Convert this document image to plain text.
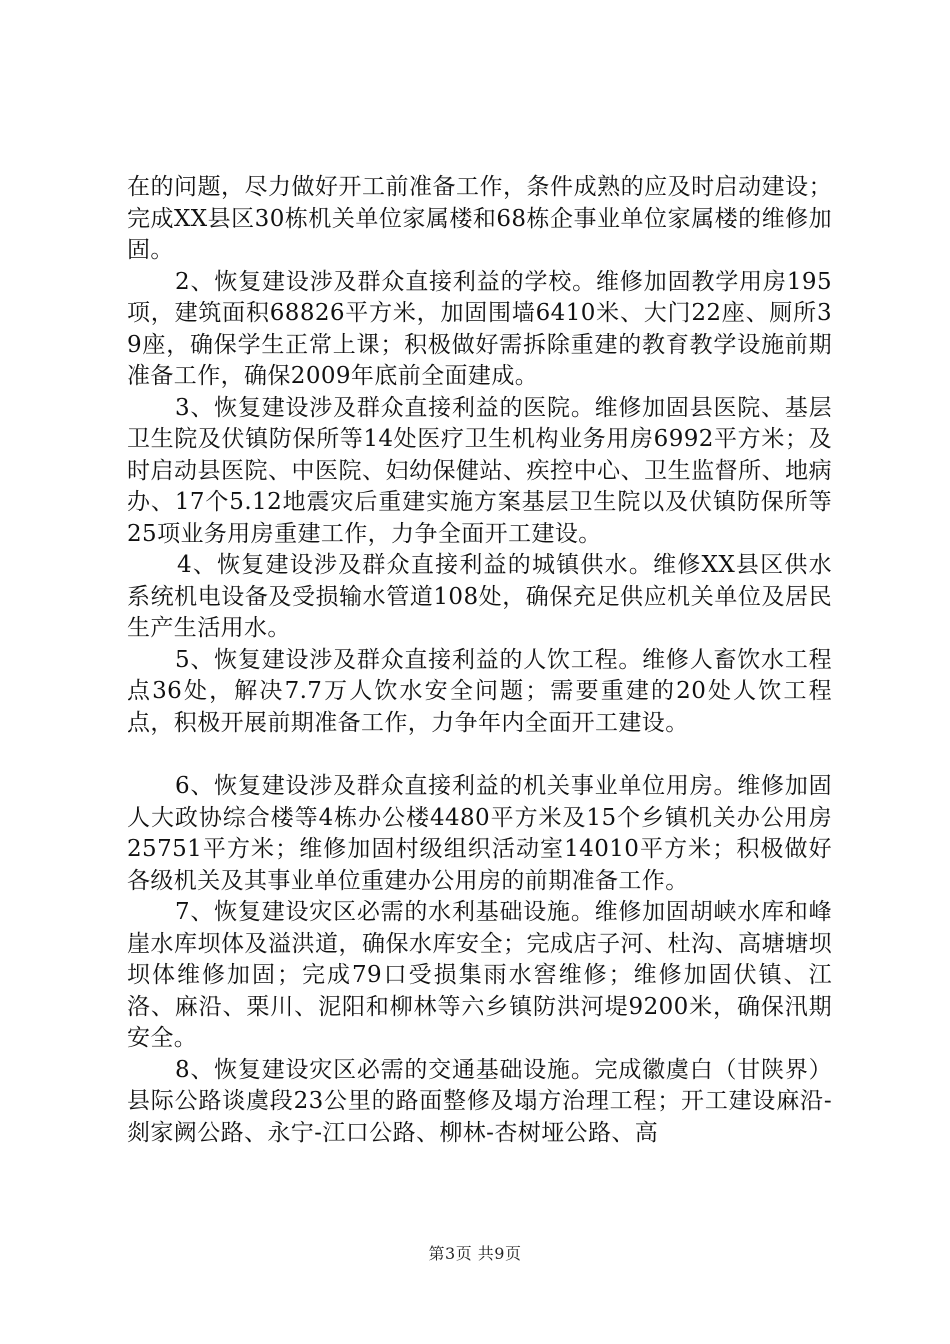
在的问题，尽力做好开工前准备工作，条件成熟的应及时启动建设；完成XX县区30栋机关单位家属楼和68栋企事业单位家属楼的维修加固。

2、恢复建设涉及群众直接利益的学校。维修加固教学用房195项，建筑面积68826平方米，加固围墙6410米、大门22座、厕所39座，确保学生正常上课；积极做好需拆除重建的教育教学设施前期准备工作，确保2009年底前全面建成。

3、恢复建设涉及群众直接利益的医院。维修加固县医院、基层卫生院及伏镇防保所等14处医疗卫生机构业务用房6992平方米；及时启动县医院、中医院、妇幼保健站、疾控中心、卫生监督所、地病办、17个5.12地震灾后重建实施方案基层卫生院以及伏镇防保所等25项业务用房重建工作，力争全面开工建设。

4、恢复建设涉及群众直接利益的城镇供水。维修XX县区供水系统机电设备及受损输水管道108处，确保充足供应机关单位及居民生产生活用水。

5、恢复建设涉及群众直接利益的人饮工程。维修人畜饮水工程点36处，解决7.7万人饮水安全问题；需要重建的20处人饮工程点，积极开展前期准备工作，力争年内全面开工建设。

6、恢复建设涉及群众直接利益的机关事业单位用房。维修加固人大政协综合楼等4栋办公楼4480平方米及15个乡镇机关办公用房25751平方米；维修加固村级组织活动室14010平方米；积极做好各级机关及其事业单位重建办公用房的前期准备工作。

7、恢复建设灾区必需的水利基础设施。维修加固胡峡水库和峰崖水库坝体及溢洪道，确保水库安全；完成店子河、杜沟、高塘塘坝坝体维修加固；完成79口受损集雨水窖维修；维修加固伏镇、江洛、麻沿、栗川、泥阳和柳林等六乡镇防洪河堤9200米，确保汛期安全。

8、恢复建设灾区必需的交通基础设施。完成徽虞白（甘陕界）县际公路谈虞段23公里的路面整修及塌方治理工程；开工建设麻沿-剡家阙公路、永宁-江口公路、柳林-杏树垭公路、高

第3页 共9页
